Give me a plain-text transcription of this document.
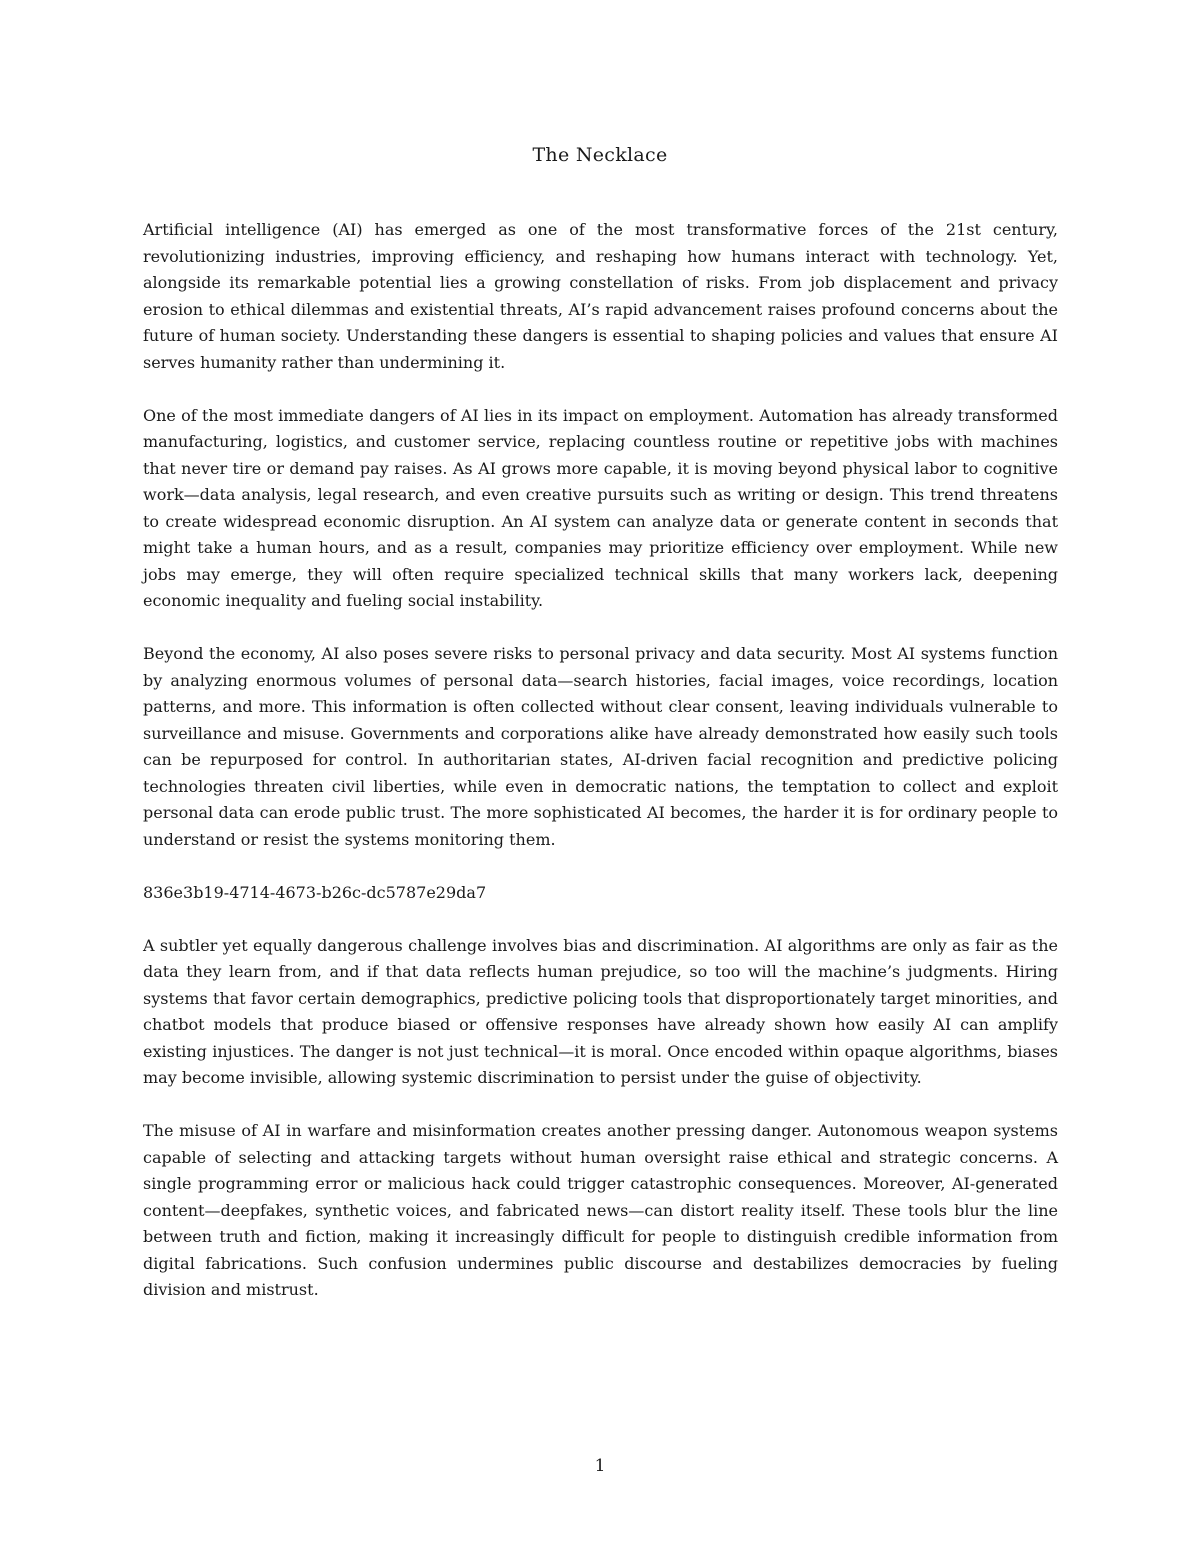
The Necklace

Artificial intelligence (AI) has emerged as one of the most transformative forces of the 21st century, revolutionizing industries, improving efficiency, and reshaping how humans interact with technology. Yet, alongside its remarkable potential lies a growing constellation of risks. From job displacement and privacy erosion to ethical dilemmas and existential threats, AI’s rapid advancement raises profound concerns about the future of human society. Understanding these dangers is essential to shaping policies and values that ensure AI serves humanity rather than undermining it.

One of the most immediate dangers of AI lies in its impact on employment. Automation has already transformed manufacturing, logistics, and customer service, replacing countless routine or repetitive jobs with machines that never tire or demand pay raises. As AI grows more capable, it is moving beyond physical labor to cognitive work—data analysis, legal research, and even creative pursuits such as writing or design. This trend threatens to create widespread economic disruption. An AI system can analyze data or generate content in seconds that might take a human hours, and as a result, companies may prioritize efficiency over employment. While new jobs may emerge, they will often require specialized technical skills that many workers lack, deepening economic inequality and fueling social instability.

Beyond the economy, AI also poses severe risks to personal privacy and data security. Most AI systems function by analyzing enormous volumes of personal data—search histories, facial images, voice recordings, location patterns, and more. This information is often collected without clear consent, leaving individuals vulnerable to surveillance and misuse. Governments and corporations alike have already demonstrated how easily such tools can be repurposed for control. In authoritarian states, AI-driven facial recognition and predictive policing technologies threaten civil liberties, while even in democratic nations, the temptation to collect and exploit personal data can erode public trust. The more sophisticated AI becomes, the harder it is for ordinary people to understand or resist the systems monitoring them.

836e3b19-4714-4673-b26c-dc5787e29da7

A subtler yet equally dangerous challenge involves bias and discrimination. AI algorithms are only as fair as the data they learn from, and if that data reflects human prejudice, so too will the machine’s judgments. Hiring systems that favor certain demographics, predictive policing tools that disproportionately target minorities, and chatbot models that produce biased or offensive responses have already shown how easily AI can amplify existing injustices. The danger is not just technical—it is moral. Once encoded within opaque algorithms, biases may become invisible, allowing systemic discrimination to persist under the guise of objectivity.

The misuse of AI in warfare and misinformation creates another pressing danger. Autonomous weapon systems capable of selecting and attacking targets without human oversight raise ethical and strategic concerns. A single programming error or malicious hack could trigger catastrophic consequences. Moreover, AI-generated content—deepfakes, synthetic voices, and fabricated news—can distort reality itself. These tools blur the line between truth and fiction, making it increasingly difficult for people to distinguish credible information from digital fabrications. Such confusion undermines public discourse and destabilizes democracies by fueling division and mistrust.

1
